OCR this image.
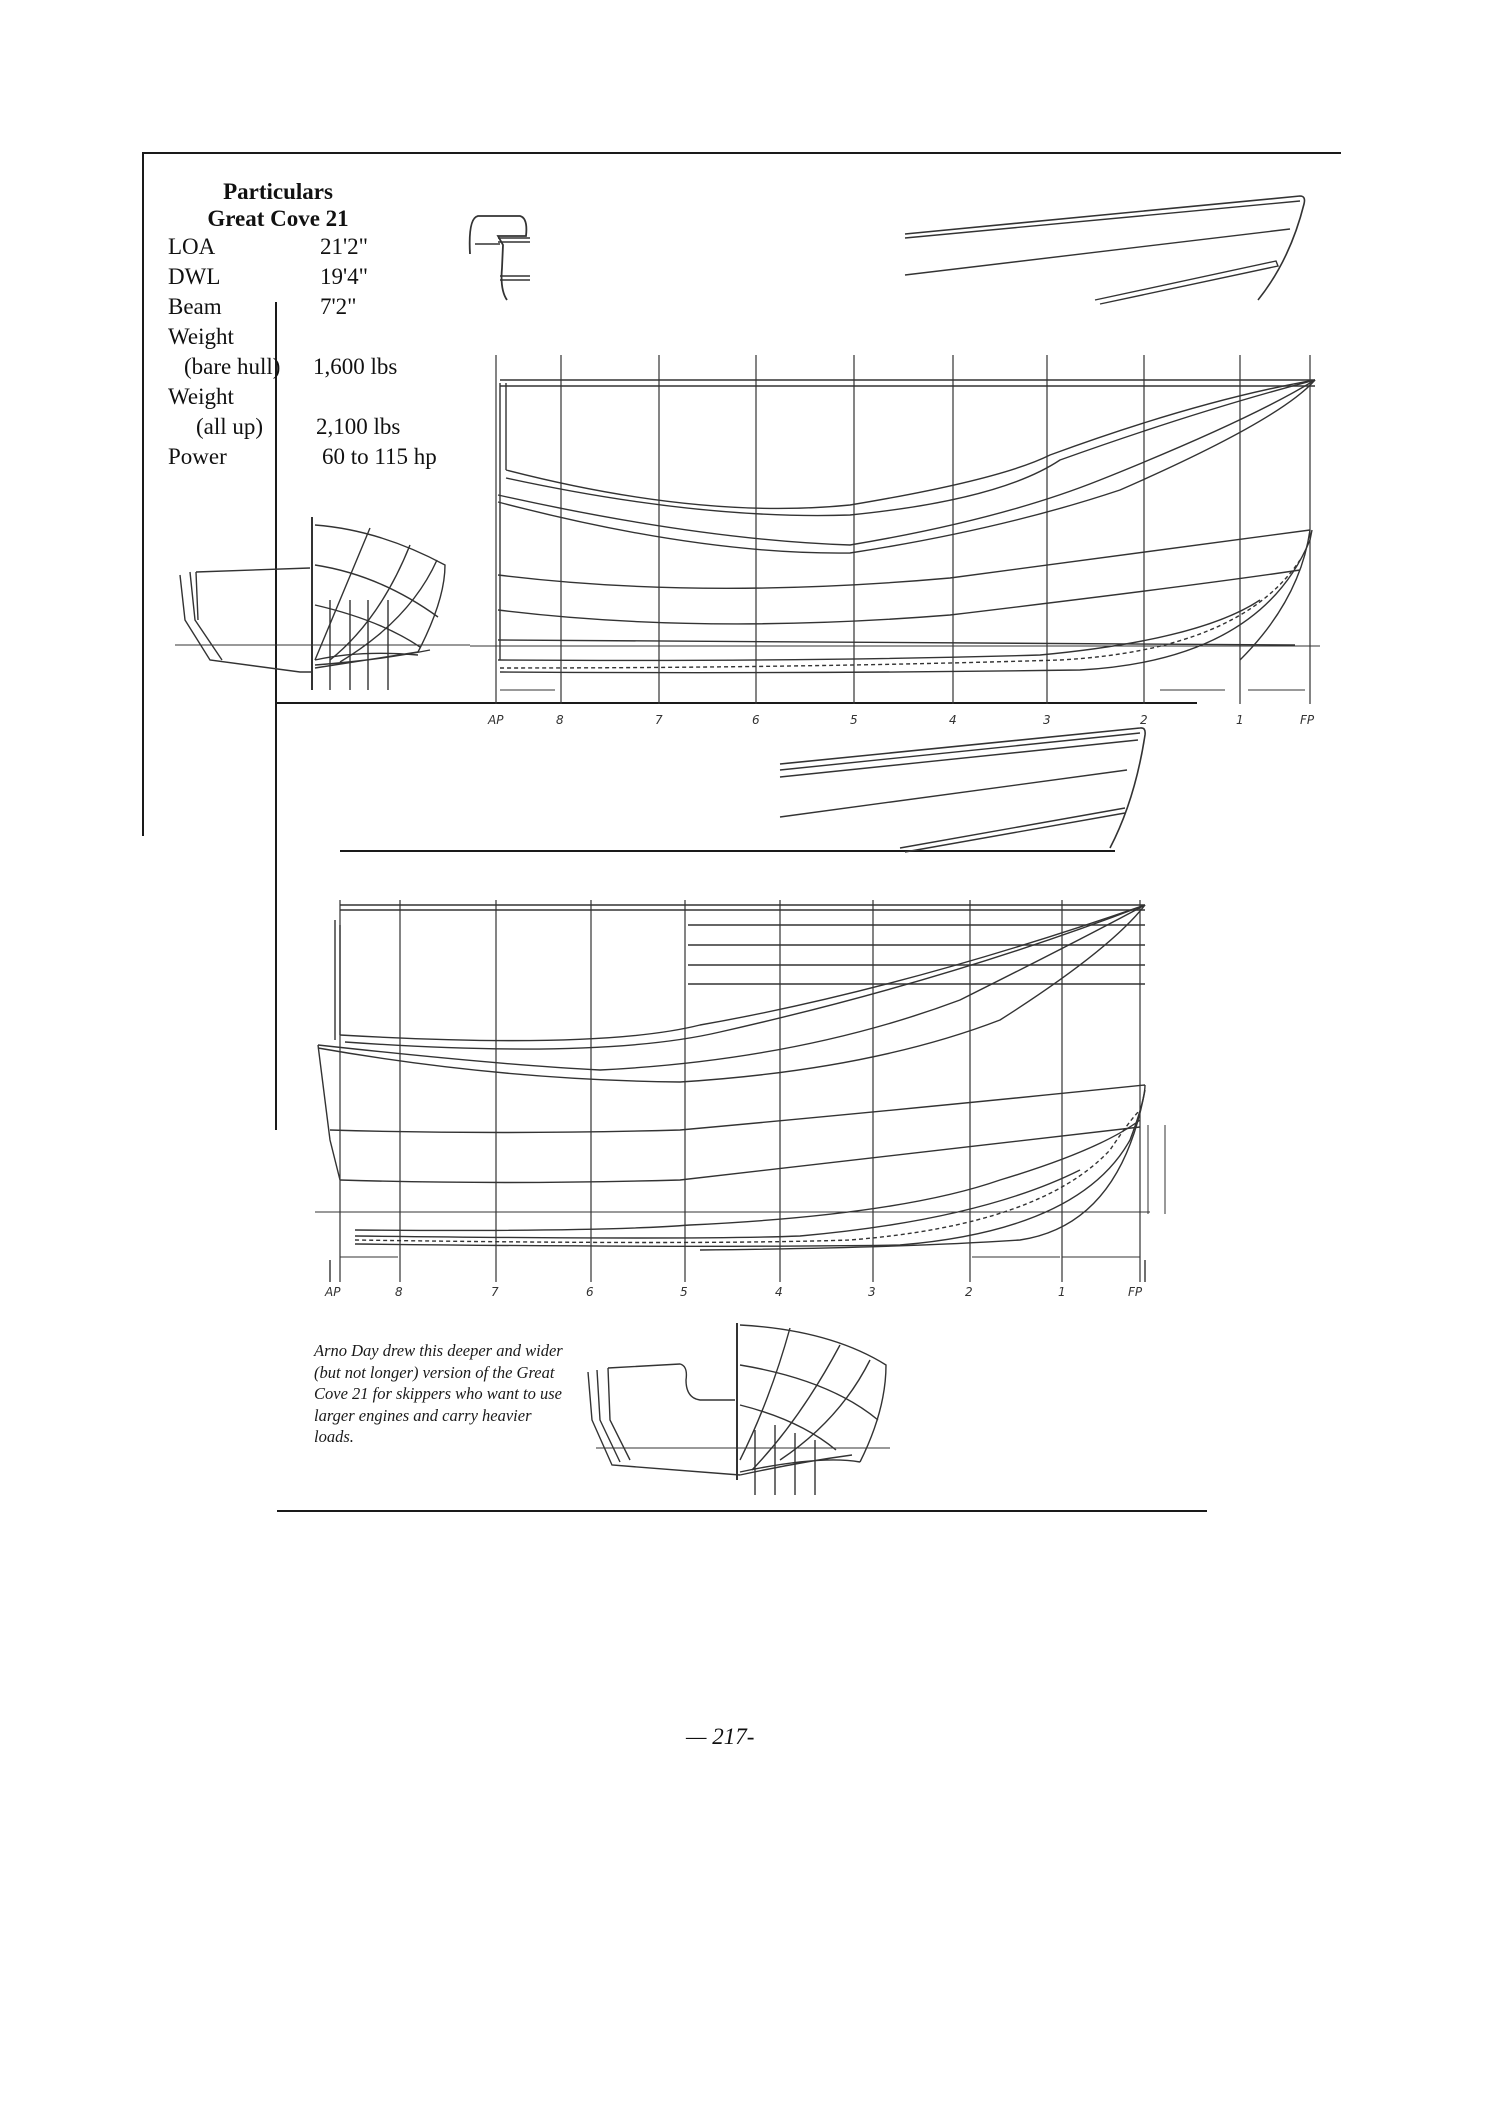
Particulars
Great Cove 21
LOA	21'2"
DWL	19'4"
Beam	7'2"
Weight
(bare hull) 1,600 lbs
Weight
(all up) 2,100 lbs
Power	60 to 115 hp
AP	8	7	6	5	4	3	2	1	FP
AP	8	7	6	5	4	3	2	1	FP
Arno Day drew this deeper and wider (but not longer) version of the Great Cove 21 for skippers who want to use larger engines and carry heavier loads.
— 217-
